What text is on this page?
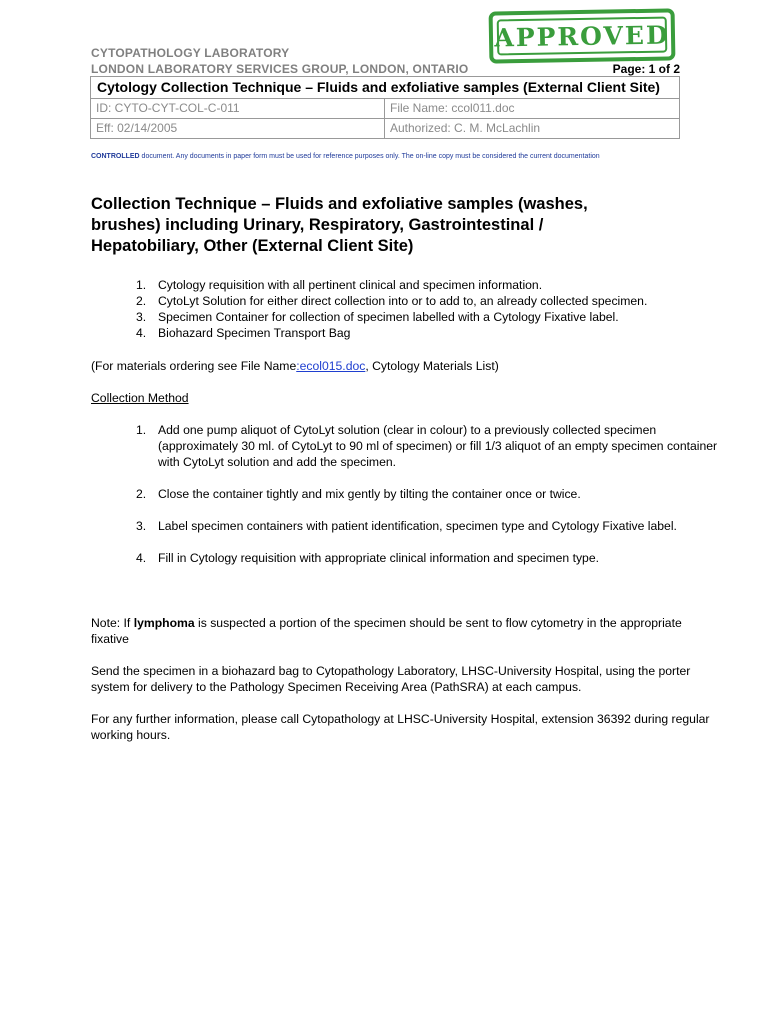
APPROVED
CYTOPATHOLOGY LABORATORY
LONDON LABORATORY SERVICES GROUP, LONDON, ONTARIO	Page: 1 of 2
Cytology Collection Technique – Fluids and exfoliative samples (External Client Site)	
ID: CYTO-CYT-COL-C-011	File Name: ccol011.doc
Eff: 02/14/2005	Authorized: C. M. McLachlin
CONTROLLED document. Any documents in paper form must be used for reference purposes only. The on-line copy must be considered the current documentation
Collection Technique – Fluids and exfoliative samples (washes, brushes) including Urinary, Respiratory, Gastrointestinal / Hepatobiliary, Other (External Client Site)
1. Cytology requisition with all pertinent clinical and specimen information.
2. CytoLyt Solution for either direct collection into or to add to, an already collected specimen.
3. Specimen Container for collection of specimen labelled with a Cytology Fixative label.
4. Biohazard Specimen Transport Bag
(For materials ordering see File Name:ecol015.doc, Cytology Materials List)
Collection Method
1. Add one pump aliquot of CytoLyt solution (clear in colour) to a previously collected specimen (approximately 30 ml. of CytoLyt to 90 ml of specimen) or fill 1/3 aliquot of an empty specimen container with CytoLyt solution and add the specimen.
2. Close the container tightly and mix gently by tilting the container once or twice.
3. Label specimen containers with patient identification, specimen type and Cytology Fixative label.
4. Fill in Cytology requisition with appropriate clinical information and specimen type.
Note: If lymphoma is suspected a portion of the specimen should be sent to flow cytometry in the appropriate fixative
Send the specimen in a biohazard bag to Cytopathology Laboratory, LHSC-University Hospital, using the porter system for delivery to the Pathology Specimen Receiving Area (PathSRA) at each campus.
For any further information, please call Cytopathology at LHSC-University Hospital, extension 36392 during regular working hours.
